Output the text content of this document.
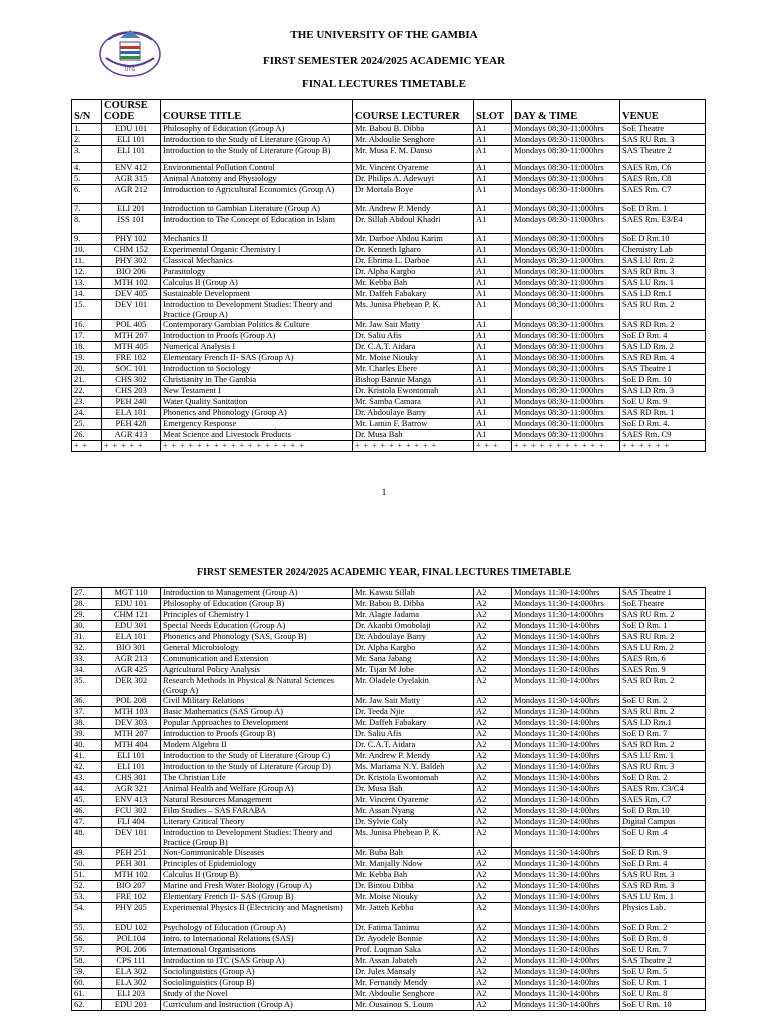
UTG
THE UNIVERSITY OF THE GAMBIA
FIRST SEMESTER 2024/2025 ACADEMIC YEAR
FINAL LECTURES TIMETABLE
S/N	COURSE CODE	COURSE TITLE	COURSE LECTURER	SLOT	DAY & TIME	VENUE
1.	EDU 101	Philosophy of Education (Group A)	Mr. Babou B. Dibba	A1	Mondays 08:30-11:000hrs	SoE Theatre
2.	ELI 101	Introduction to the Study of Literature (Group A)	Mr. Abdoulie Senghore	A1	Mondays 08:30-11:000hrs	SAS RU Rm. 3
3.	ELI 101	Introduction to the Study of Literature (Group B)	Mr. Musa F. M. Danso	A1	Mondays 08:30-11:000hrs	SAS Theatre 2
4.	ENV 412	Environmental Pollution Control	Mr. Vincent Oyareme	A1	Mondays 08:30-11:000hrs	SAES Rm. C6
5.	AGR 315	Animal Anatomy and Physiology	Dr. Philips A. Adewuyi	A1	Mondays 08:30-11:000hrs	SAES Rm. C8
6.	AGR 212	Introduction to Agricultural Economics (Group A)	Dr Mortala Boye	A1	Mondays 08:30-11:000hrs	SAES Rm. C7
7.	ELI 201	Introduction to Gambian Literature (Group A)	Mr. Andrew P. Mendy	A1	Mondays 08:30-11:000hrs	SoE D Rm. 1
8.	ISS 101	Introduction to The Concept of Education in Islam	Dr. Sillah Abdoul Khadri	A1	Mondays 08:30-11:000hrs	SAES Rm. E3/E4
9.	PHY 102	Mechanics II	Mr. Darboe Abdou Karim	A1	Mondays 08:30-11:000hrs	SoE D Rm.10
10.	CHM 152	Experimental Organic Chemistry I	Dr. Kenneth Igharo	A1	Mondays 08:30-11:000hrs	Chemistry Lab
11.	PHY 302	Classical Mechanics	Dr. Ebrima L. Darboe	A1	Mondays 08:30-11:000hrs	SAS LU Rm. 2
12.	BIO 206	Parasitology	Dr. Alpha Kargbo	A1	Mondays 08:30-11:000hrs	SAS RD Rm. 3
13.	MTH 102	Calculus II (Group A)	Mr. Kebba Bah	A1	Mondays 08:30-11:000hrs	SAS LU Rm. 1
14.	DEV 405	Sustainable Development	Mr. Daffeh Fabakary	A1	Mondays 08:30-11:000hrs	SAS LD Rm.1
15.	DEV 101	Introduction to Development Studies: Theory and Practice (Group A)	Ms. Junisa Phebean P. K.	A1	Mondays 08:30-11:000hrs	SAS RU Rm. 2
16.	POL 405	Contemporary Gambian Politics & Culture	Mr. Jaw Sait Matty	A1	Mondays 08:30-11:000hrs	SAS RD Rm. 2
17.	MTH 207	Introduction to Proofs (Group A)	Dr. Saliu Afis	A1	Mondays 08:30-11:000hrs	SoE D Rm. 4
18.	MTH 405	Numerical Analysis I	Dr. C.A.T. Aidara	A1	Mondays 08:30-11:000hrs	SAS LD Rm. 2
19.	FRE 102	Elementary French II- SAS (Group A)	Mr. Moise Niouky	A1	Mondays 08:30-11:000hrs	SAS RD Rm. 4
20.	SOC 101	Introduction to Sociology	Mr. Charles Ebere	A1	Mondays 08:30-11:000hrs	SAS Theatre 1
21.	CHS 302	Christianity in The Gambia	Bishop Bannie Manga	A1	Mondays 08:30-11:000hrs	SoE D Rm. 10
22.	CHS 203	New Testament I	Dr. Kristola Ewontomah	A1	Mondays 08:30-11:000hrs	SAS LD Rm. 3
23.	PEH 240	Water Quality Sanitation	Mr. Samba Camara	A1	Mondays 08:30-11:000hrs	SoE U Rm. 9
24.	ELA 101	Phonetics and Phonology (Group A)	Dr. Abdoulaye Barry	A1	Mondays 08:30-11:000hrs	SAS RD Rm. 1
25.	PEH 428	Emergency Response	Mr. Lamin F. Barrow	A1	Mondays 08:30-11:000hrs	SoE D Rm. 4.
26.	AGR 413	Meat Science and Livestock Products	Dr. Musa Bah	A1	Mondays 08:30-11:000hrs	SAES Rm. C9
+ +	+ + + + +	+ + + + + + + + + + + + + + + + +	+ + + + + + + + + +	+ + +	+ + + + + + + + + + +	+ + + + + +
1
FIRST SEMESTER 2024/2025 ACADEMIC YEAR, FINAL LECTURES TIMETABLE
27.	MGT 110	Introduction to Management (Group A)	Mr. Kawsu Sillah	A2	Mondays 11:30-14:00hrs	SAS Theatre 1
28.	EDU 101	Philosophy of Education (Group B)	Mr. Babou B. Dibba	A2	Mondays 11:30-14:000hrs	SoE Theatre
29.	CHM 121	Principles of Chemistry I	Mr. Alagie Jadama	A2	Mondays 11:30-14:000hrs	SAS RU Rm. 2
30.	EDU 301	Special Needs Education (Group A)	Dr. Akanbi Omobolaji	A2	Mondays 11:30-14:00hrs	SoE D Rm. 1
31.	ELA 101	Phonetics and Phonology (SAS, Group B)	Dr. Abdoulaye Barry	A2	Mondays 11:30-14:00hrs	SAS RU Rm. 2
32.	BIO 301	General Microbiology	Dr. Alpha Kargbo	A2	Mondays 11:30-14:00hrs	SAS LU Rm. 2
33.	AGR 213	Communication and Extension	Mr. Sana Jabang	A2	Mondays 11:30-14:00hrs	SAES Rm. 6
34.	AGR 425	Agricultural Policy Analysis	Mr. Tijan M Jobe	A2	Mondays 11:30-14:00hrs	SAES Rm. 9
35.	DER 302	Research Methods in Physical & Natural Sciences (Group A)	Mr. Oladele Oyelakin	A2	Mondays 11:30-14:00hrs	SAS RD Rm. 2
36.	POL 208	Civil Military Relations	Mr. Jaw Sait Matty	A2	Mondays 11:30-14:00hrs	SoE U Rm. 2
37.	MTH 103	Basic Mathematics (SAS Group A)	Dr. Teeda Njie	A2	Mondays 11:30-14:00hrs	SAS RU Rm. 2
38.	DEV 303	Popular Approaches to Development	Mr. Daffeh Fabakary	A2	Mondays 11:30-14:00hrs	SAS LD Rm.1
39.	MTH 207	Introduction to Proofs (Group B)	Dr. Saliu Afis	A2	Mondays 11:30-14:00hrs	SoE D Rm. 7
40.	MTH 404	Modern Algebra II	Dr. C.A.T. Aidara	A2	Mondays 11:30-14:00hrs	SAS RD Rm. 2
41.	ELI 101	Introduction to the Study of Literature (Group C)	Mr. Andrew P. Mendy	A2	Mondays 11:30-14:00hrs	SAS LU Rm. 1
42.	ELI 101	Introduction to the Study of Literature (Group D)	Ms. Mariama N.Y. Baldeh	A2	Mondays 11:30-14:00hrs	SAS RU Rm. 3
43.	CHS 301	The Christian Life	Dr. Kristola Ewontomah	A2	Mondays 11:30-14:00hrs	SoE D Rm. 2
44.	AGR 321	Animal Health and Welfare (Group A)	Dr. Musa Bah	A2	Mondays 11:30-14:00hrs	SAES Rm. C3/C4
45.	ENV 413	Natural Resources Management	Mr. Vincent Oyareme	A2	Mondays 11:30-14:00hrs	SAES Rm. C7
46.	FCU 302	Film Studies – SAS FARABA	Mr. Assan Nyang	A2	Mondays 11:30-14:00hrs	SoE D Rm.10
47.	FLI 404	Literary Critical Theory	Dr. Sylvie Coly	A2	Mondays 11:30-14:00hrs	Digital Campus
48.	DEV 101	Introduction to Development Studies: Theory and Practice (Group B)	Ms. Junisa Phebean P. K.	A2	Mondays 11:30-14:00hrs	SoE U Rm .4
49.	PEH 251	Non-Communicable Diseases	Mr. Buba Bah	A2	Mondays 11:30-14:00hrs	SoE D Rm. 9
50.	PEH 301	Principles of Epidemiology	Mr. Manjally Ndow	A2	Mondays 11:30-14:00hrs	SoE D Rm. 4
51.	MTH 102	Calculus II (Group B)	Mr. Kebba Bah	A2	Mondays 11:30-14:00hrs	SAS RU Rm. 3
52.	BIO 207	Marine and Fresh Water Biology (Group A)	Dr. Bintou Dibba	A2	Mondays 11:30-14:00hrs	SAS RD Rm. 3
53.	FRE 102	Elementary French II- SAS (Group B)	Mr. Moise Niouky	A2	Mondays 11:30-14:00hrs	SAS LU Rm. 1
54.	PHY 205	Experimental Physics II (Electricity and Magnetism)	Mr. Jatteh Kebba	A2	Mondays 11:30-14:00hrs	Physics Lab.
55.	EDU 102	Psychology of Education (Group A)	Dr. Fatima Tanimu	A2	Mondays 11:30-14:00hrs	SoE D Rm. 2
56.	POL104	Intro. to International Relations (SAS)	Dr. Ayodele Bonnie	A2	Mondays 11:30-14:00hrs	SoE D Rm. 8
57.	POL 206	International Organisations	Prof. Luqman Saka	A2	Mondays 11:30-14:00hrs	SoE U Rm. 7
58.	CPS 111	Introduction to ITC (SAS Group A)	Mr. Assan Jabateh	A2	Mondays 11:30-14:00hrs	SAS Theatre 2
59.	ELA 302	Sociolinguistics (Group A)	Dr. Jules Mansaly	A2	Mondays 11:30-14:00hrs	SoE U Rm. 5
60.	ELA 302	Sociolinguistics (Group B)	Mr. Fernandy Mendy	A2	Mondays 11:30-14:00hrs	SoE U Rm. 1
61.	ELI 203	Study of the Novel	Mr. Abdoulie Senghore	A2	Mondays 11:30-14:00hrs	SoE U Rm. 8
62.	EDU 201	Curriculum and Instruction (Group A)	Mr. Ousainou S. Loum	A2	Mondays 11:30-14:00hrs	SoE U Rm. 10
